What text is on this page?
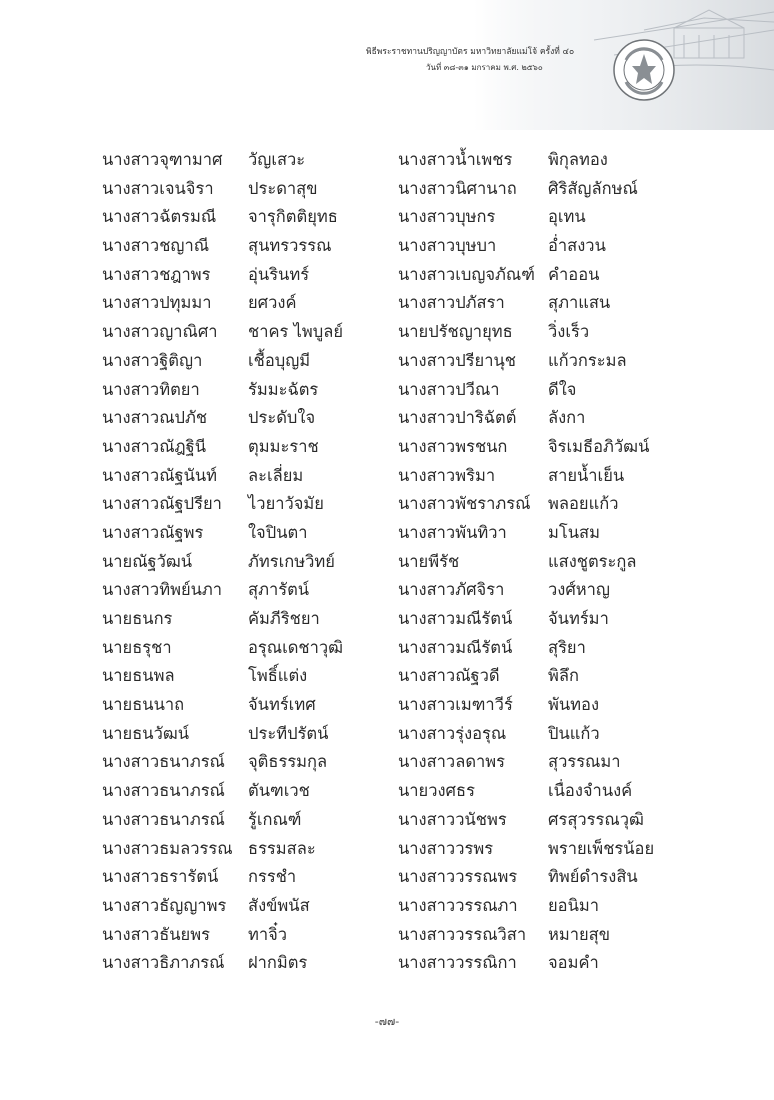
พิธีพระราชทานปริญญาบัตร มหาวิทยาลัยแม่โจ้ ครั้งที่ ๔๐
วันที่ ๓๘-๓๑ มกราคม พ.ศ. ๒๕๖๐
นางสาวจุฑามาศ วัญเสวะ	นางสาวน้ำเพชร พิกุลทอง
นางสาวเจนจิรา ประดาสุข	นางสาวนิศานาถ ศิริสัญลักษณ์
นางสาวฉัตรมณี จารุกิตติยุทธ	นางสาวบุษกร	อุเทน
นางสาวชญาณี สุนทรวรรณ	นางสาวบุษบา	อ่ำสงวน
นางสาวชฎาพร อุ่นรินทร์	นางสาวเบญจภัณฑ์ คำออน
นางสาวปทุมมา ยศวงค์	นางสาวปภัสรา	สุภาแสน
นางสาวญาณิศา ชาคร ไพบูลย์	นายปรัชญายุทธ วิ่งเร็ว
นางสาวฐิติญา	เชื้อบุญมี	นางสาวปรียานุช แก้วกระมล
นางสาวทิตยา	รัมมะฉัตร	นางสาวปวีณา	ดีใจ
นางสาวณปภัช ประดับใจ	นางสาวปาริฉัตต์ ลังกา
นางสาวณัฎฐินี	ตุมมะราช	นางสาวพรชนก จิรเมธีอภิวัฒน์
นางสาวณัฐนันท์ ละเลี่ยม	นางสาวพริมา	สายน้ำเย็น
นางสาวณัฐปรียา ไวยาวัจมัย	นางสาวพัชราภรณ์ พลอยแก้ว
นางสาวณัฐพร	ใจปินตา	นางสาวพันทิวา มโนสม
นายณัฐวัฒน์	ภัทรเกษวิทย์	นายพีรัช	แสงชูตระกูล
นางสาวทิพย์นภา สุภารัตน์	นางสาวภัศจิรา	วงศ์หาญ
นายธนกร	คัมภีริชยา	นางสาวมณีรัตน์ จันทร์มา
นายธรุชา	อรุณเดชาวุฒิ	นางสาวมณีรัตน์ สุริยา
นายธนพล	โพธิ์แต่ง	นางสาวณัฐวดี	พิลึก
นายธนนาถ	จันทร์เทศ	นางสาวเมฑาวีร์ พันทอง
นายธนวัฒน์	ประทีปรัตน์	นางสาวรุ่งอรุณ	ปินแก้ว
นางสาวธนาภรณ์ จุติธรรมกุล	นางสาวลดาพร	สุวรรณมา
นางสาวธนาภรณ์ ตันฑเวช	นายวงศธร	เนื่องจำนงค์
นางสาวธนาภรณ์ รู้เกณฑ์	นางสาววนัชพร	ศรสุวรรณวุฒิ
นางสาวธมลวรรณ ธรรมสละ	นางสาววรพร	พรายเพ็ชรน้อย
นางสาวธรารัตน์ กรรชำ	นางสาววรรณพร ทิพย์ดำรงสิน
นางสาวธัญญาพร สังข์พนัส	นางสาววรรณภา ยอนิมา
นางสาวธันยพร ทาจิ๋ว	นางสาววรรณวิสา หมายสุข
นางสาวธิภาภรณ์ ฝากมิตร	นางสาววรรณิกา จอมคำ
-๗๗-
